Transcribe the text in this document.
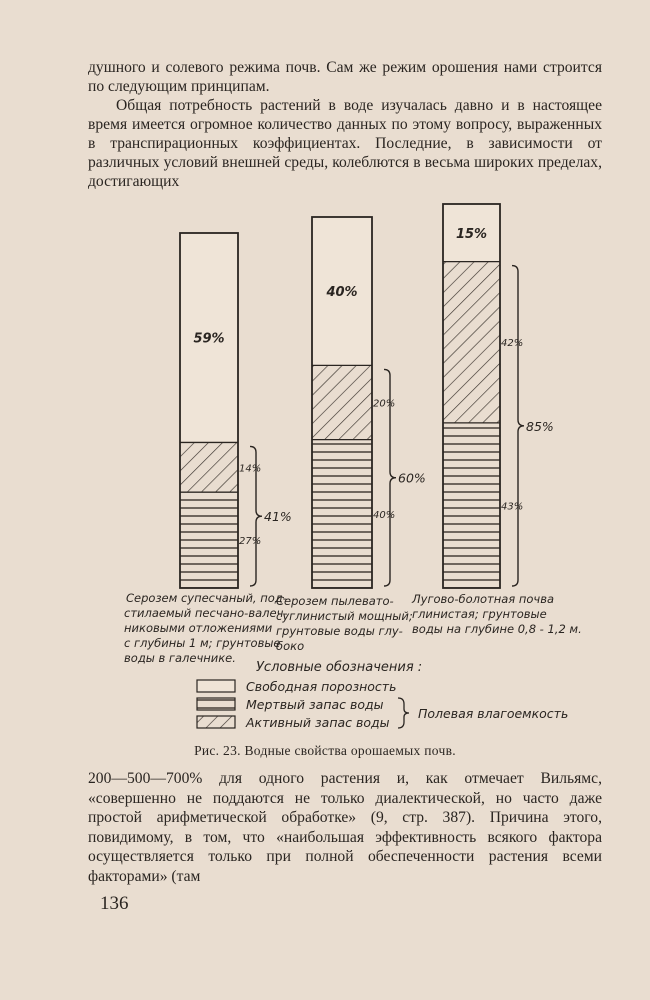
душного и солевого режима почв. Сам же режим орошения нами строится по следующим принципам.

Общая потребность растений в воде изучалась давно и в настоящее время имеется огромное количество данных по этому вопросу, выраженных в транспирационных коэффициентах. Последние, в зависимости от различных условий внешней среды, колеблются в весьма широких пределах, достигающих

59%
14%
27%
41%
40%
20%
40%
60%
15%
42%
43%
85%
Серозем супесчаный, под- стилаемый песчано-валеч- никовыми отложениями с глубины 1 м; грунтовые воды в галечнике.
Серозем пылевато- суглинистый мощный; грунтовые воды глу- боко
Лугово-болотная почва глинистая; грунтовые воды на глубине 0,8 - 1,2 м.
Условные обозначения :
Свободная порозность
Мертвый запас воды
Активный запас воды
Полевая влагоемкость
Рис. 23. Водные свойства орошаемых почв.

200—500—700% для одного растения и, как отмечает Вильямс, «совершенно не поддаются не только диалектической, но часто даже простой арифметической обработке» (9, стр. 387). Причина этого, повидимому, в том, что «наибольшая эффективность всякого фактора осуществляется только при полной обеспеченности растения всеми факторами» (там

136
